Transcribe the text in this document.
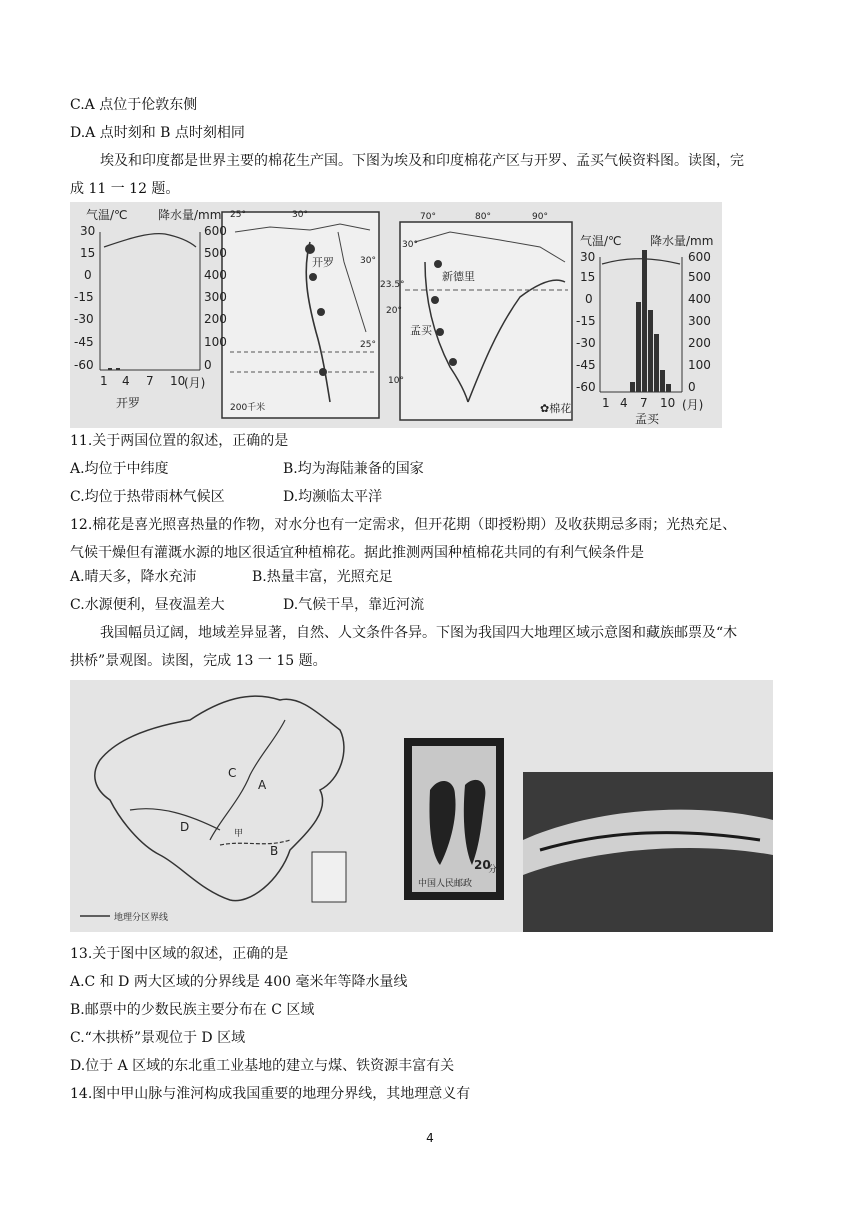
C.A 点位于伦敦东侧
D.A 点时刻和 B 点时刻相同
埃及和印度都是世界主要的棉花生产国。下图为埃及和印度棉花产区与开罗、孟买气候资料图。读图，完
成 11 一 12 题。
气温/℃	降水量/mm
30
15
0
-15
-30
-45
-60
600
500
400
300
200
100
0
1 4 7 10
(月)
开罗
25°	30°
30°
25°
开罗
200千米
70°	80°	90°
30°
23.5°
20°
10°
新德里
孟买
✿棉花
气温/℃ 降水量/mm
30
15
0
-15
-30
-45
-60
600
500
400
300
200
100
0
1 4 7 10 (月)
孟买
11.关于两国位置的叙述，正确的是
A.均位于中纬度	B.均为海陆兼备的国家
C.均位于热带雨林气候区	D.均濒临太平洋
12.棉花是喜光照喜热量的作物，对水分也有一定需求，但开花期（即授粉期）及收获期忌多雨；光热充足、
气候干燥但有灌溉水源的地区很适宜种植棉花。据此推测两国种植棉花共同的有利气候条件是
A.晴天多，降水充沛	B.热量丰富，光照充足
C.水源便利，昼夜温差大	D.气候干旱，靠近河流
我国幅员辽阔，地域差异显著，自然、人文条件各异。下图为我国四大地理区域示意图和藏族邮票及“木
拱桥”景观图。读图，完成 13 一 15 题。
C
A
B
D	甲
地理分区界线
中国人民邮政
20
分
13.关于图中区域的叙述，正确的是
A.C 和 D 两大区域的分界线是 400 毫米年等降水量线
B.邮票中的少数民族主要分布在 C 区域
C.“木拱桥”景观位于 D 区域
D.位于 A 区域的东北重工业基地的建立与煤、铁资源丰富有关
14.图中甲山脉与淮河构成我国重要的地理分界线，其地理意义有
4
